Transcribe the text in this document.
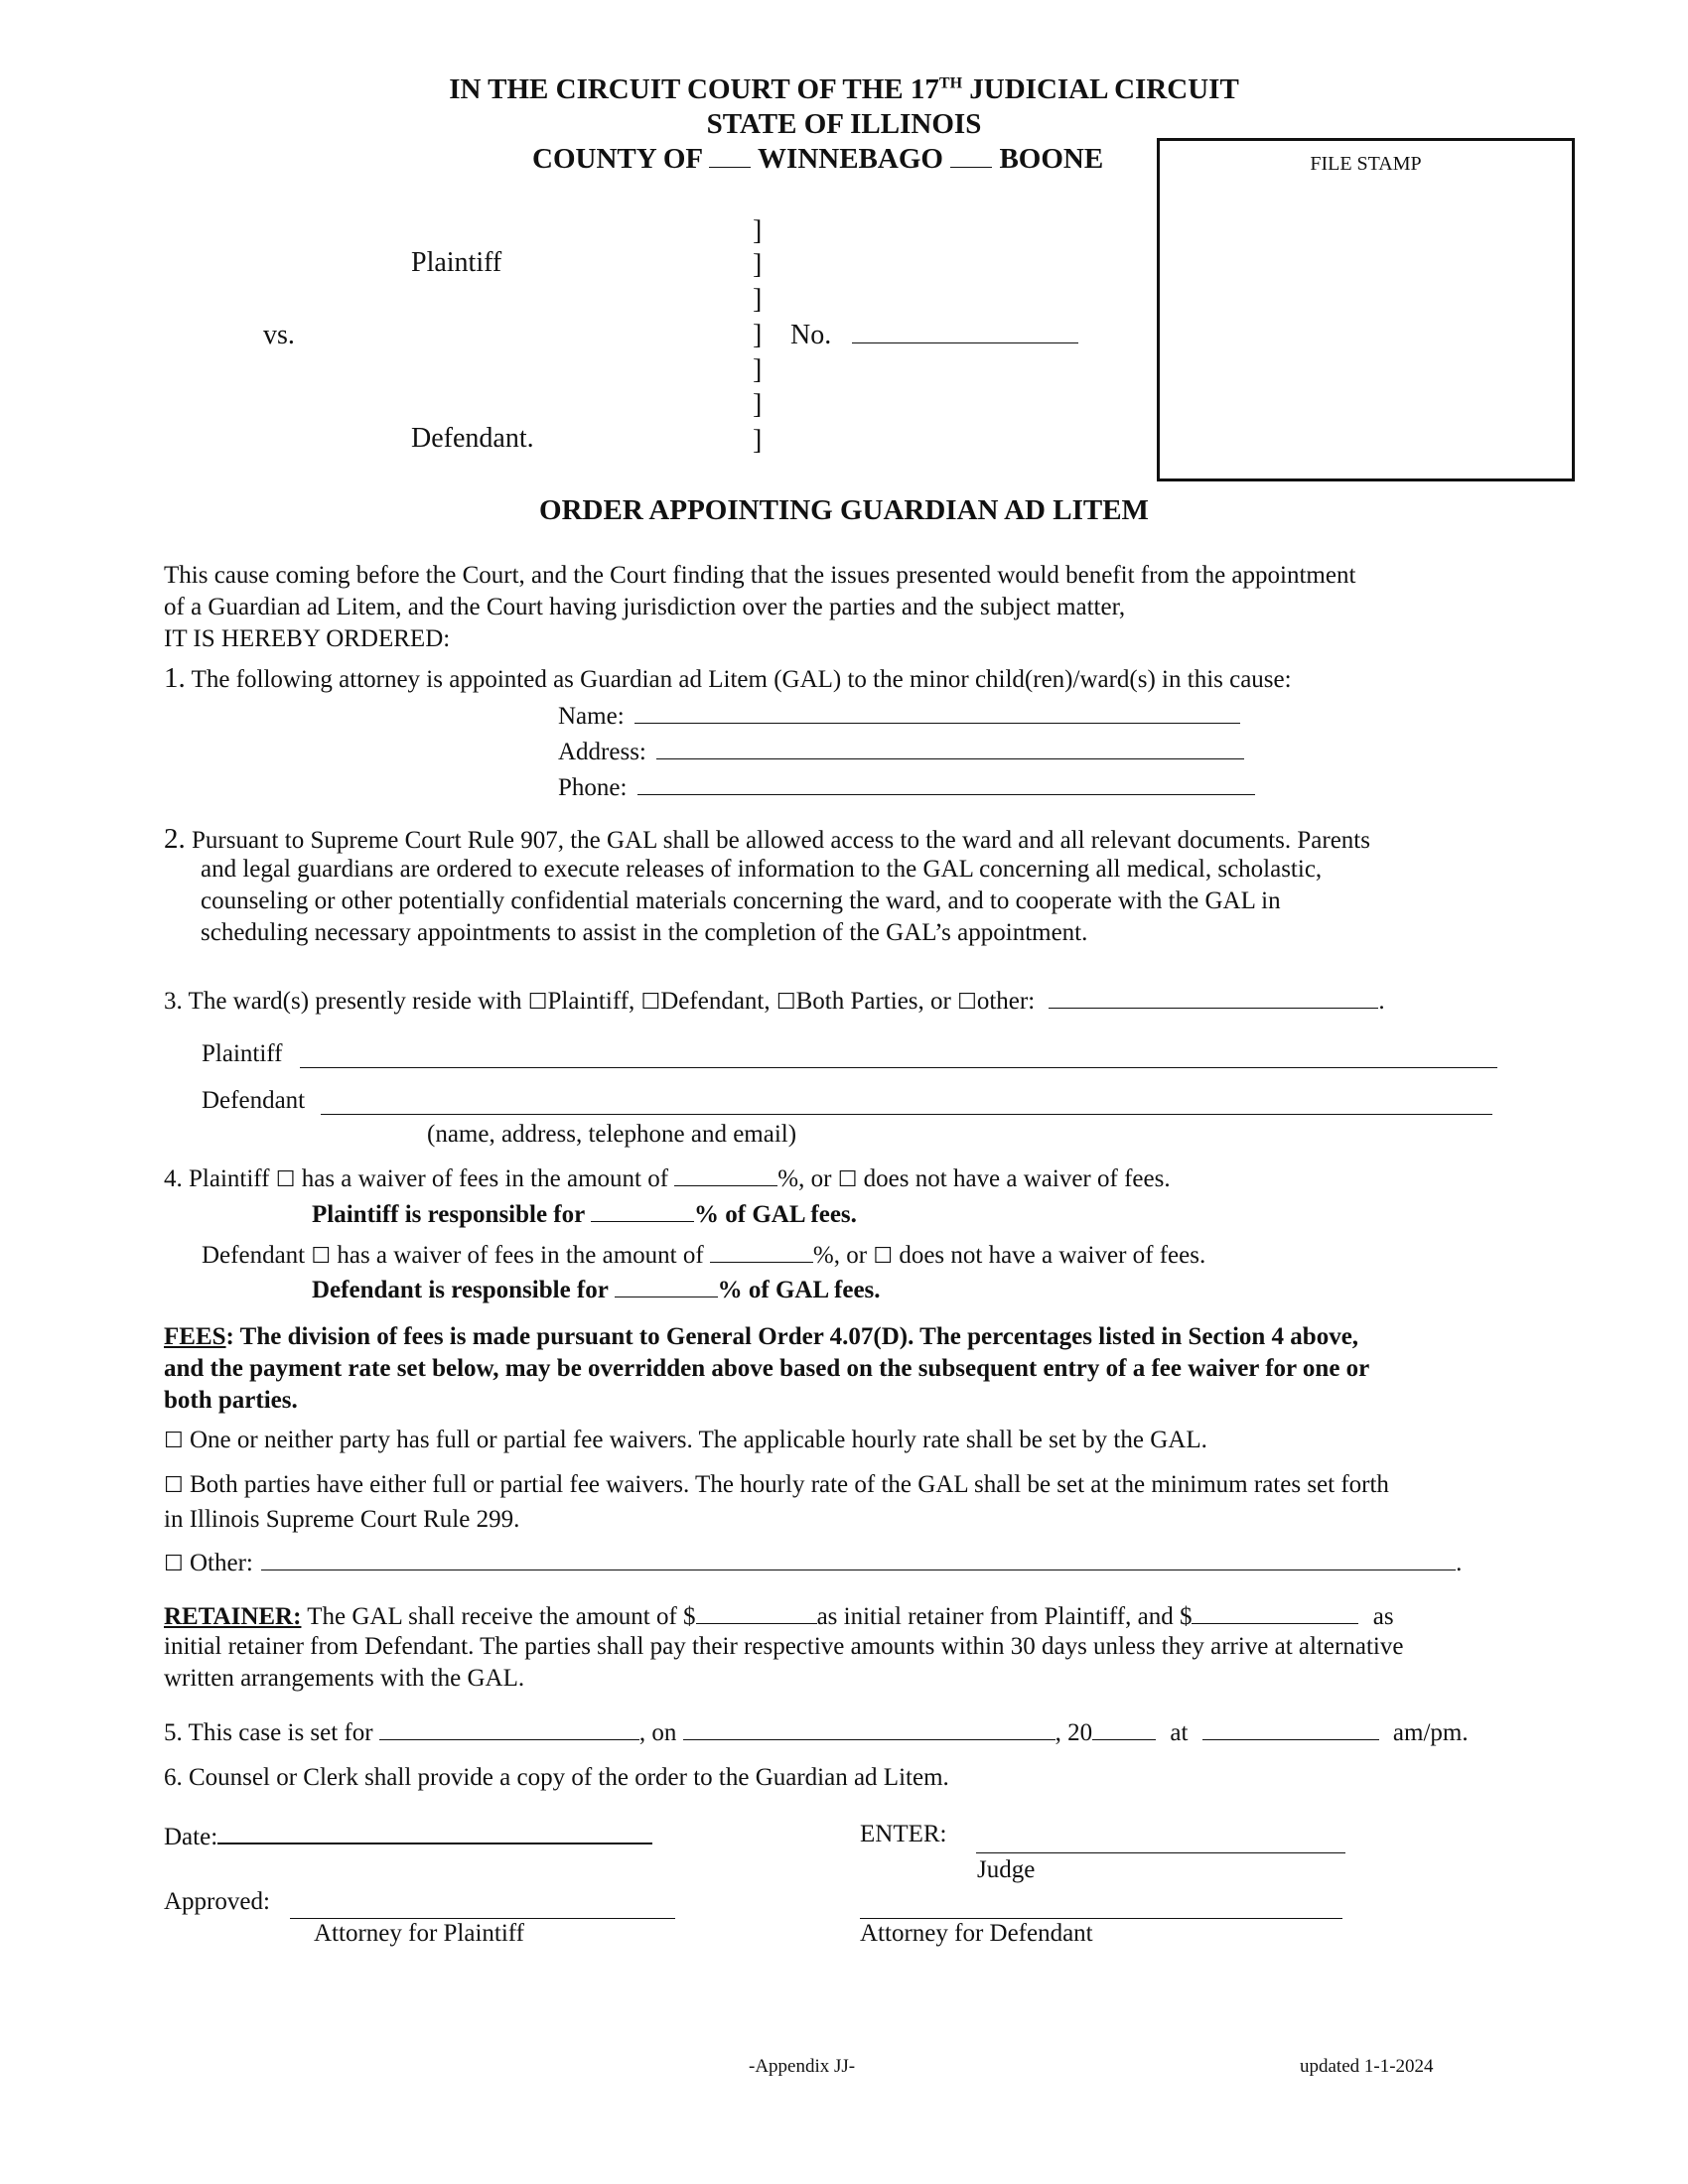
IN THE CIRCUIT COURT OF THE 17TH JUDICIAL CIRCUIT
STATE OF ILLINOIS
COUNTY OF WINNEBAGO BOONE	FILE STAMP
Plaintiff
vs.
Defendant.
]
]
]
]
]
]
]
No.
ORDER APPOINTING GUARDIAN AD LITEM
This cause coming before the Court, and the Court finding that the issues presented would benefit from the appointment
of a Guardian ad Litem, and the Court having jurisdiction over the parties and the subject matter,
IT IS HEREBY ORDERED:
1. The following attorney is appointed as Guardian ad Litem (GAL) to the minor child(ren)/ward(s) in this cause:
Name:
Address:
Phone:
2. Pursuant to Supreme Court Rule 907, the GAL shall be allowed access to the ward and all relevant documents. Parents
and legal guardians are ordered to execute releases of information to the GAL concerning all medical, scholastic,
counseling or other potentially confidential materials concerning the ward, and to cooperate with the GAL in
scheduling necessary appointments to assist in the completion of the GAL’s appointment.
3. The ward(s) presently reside with ☐Plaintiff, ☐Defendant, ☐Both Parties, or ☐other:	.
Plaintiff
Defendant
(name, address, telephone and email)
4. Plaintiff ☐ has a waiver of fees in the amount of	%, or ☐ does not have a waiver of fees.
Plaintiff is responsible for	% of GAL fees.
Defendant ☐ has a waiver of fees in the amount of	%, or ☐ does not have a waiver of fees.
Defendant is responsible for	% of GAL fees.
FEES: The division of fees is made pursuant to General Order 4.07(D). The percentages listed in Section 4 above,
and the payment rate set below, may be overridden above based on the subsequent entry of a fee waiver for one or
both parties.
☐ One or neither party has full or partial fee waivers. The applicable hourly rate shall be set by the GAL.
☐ Both parties have either full or partial fee waivers. The hourly rate of the GAL shall be set at the minimum rates set forth
in Illinois Supreme Court Rule 299.
☐ Other:	.
RETAINER: The GAL shall receive the amount of $	as initial retainer from Plaintiff, and $	as
initial retainer from Defendant. The parties shall pay their respective amounts within 30 days unless they arrive at alternative
written arrangements with the GAL.
5. This case is set for	, on	, 20	at	am/pm.
6. Counsel or Clerk shall provide a copy of the order to the Guardian ad Litem.
Date:	ENTER:
Judge
Approved:
Attorney for Plaintiff	Attorney for Defendant
-Appendix JJ-	updated 1-1-2024
